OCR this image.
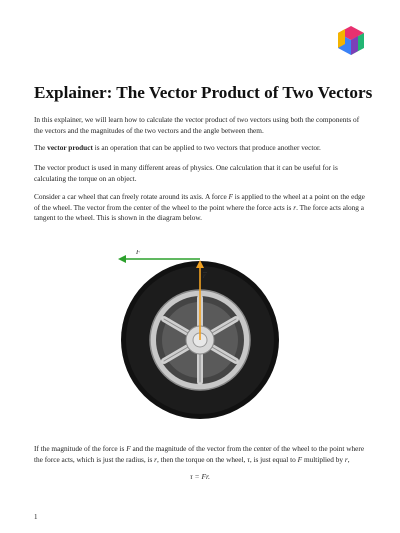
Explainer: The Vector Product of Two Vectors

In this explainer, we will learn how to calculate the vector product of two vectors using both the components of the vectors and the magnitudes of the two vectors and the angle between them.

The vector product is an operation that can be applied to two vectors that produce another vector.

The vector product is used in many different areas of physics. One calculation that it can be useful for is calculating the torque on an object.

Consider a car wheel that can freely rotate around its axis. A force F is applied to the wheel at a point on the edge of the wheel. The vector from the center of the wheel to the point where the force acts is r. The force acts along a tangent to the wheel. This is shown in the diagram below.

F
r

If the magnitude of the force is F and the magnitude of the vector from the center of the wheel to the point where the force acts, which is just the radius, is r, then the torque on the wheel, τ, is just equal to F multiplied by r,

τ = Fr.
1
